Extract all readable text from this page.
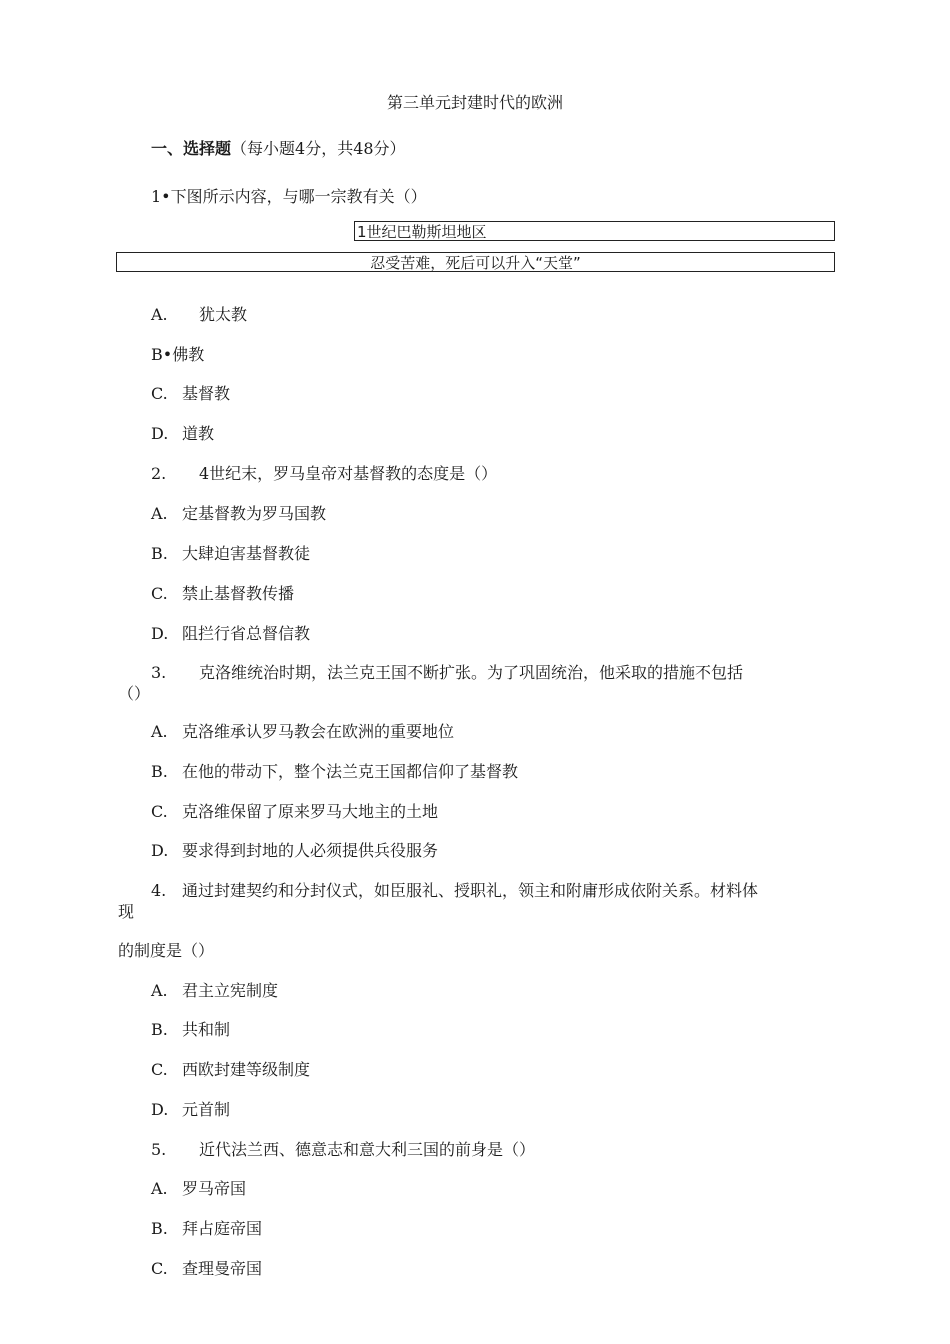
第三单元封建时代的欧洲
一、选择题（每小题4分，共48分）
1•下图所示内容，与哪一宗教有关（）
1世纪巴勒斯坦地区
忍受苦难，死后可以升入“天堂”
A. 犹太教
B•佛教
C. 基督教
D. 道教
2. 4世纪末，罗马皇帝对基督教的态度是（）
A. 定基督教为罗马国教
B. 大肆迫害基督教徒
C. 禁止基督教传播
D. 阻拦行省总督信教
3. 克洛维统治时期，法兰克王国不断扩张。为了巩固统治，他采取的措施不包括
（）
A. 克洛维承认罗马教会在欧洲的重要地位
B. 在他的带动下，整个法兰克王国都信仰了基督教
C. 克洛维保留了原来罗马大地主的土地
D. 要求得到封地的人必须提供兵役服务
4. 通过封建契约和分封仪式，如臣服礼、授职礼，领主和附庸形成依附关系。材料体
现
的制度是（）
A. 君主立宪制度
B. 共和制
C. 西欧封建等级制度
D. 元首制
5. 近代法兰西、德意志和意大利三国的前身是（）
A. 罗马帝国
B. 拜占庭帝国
C. 查理曼帝国
